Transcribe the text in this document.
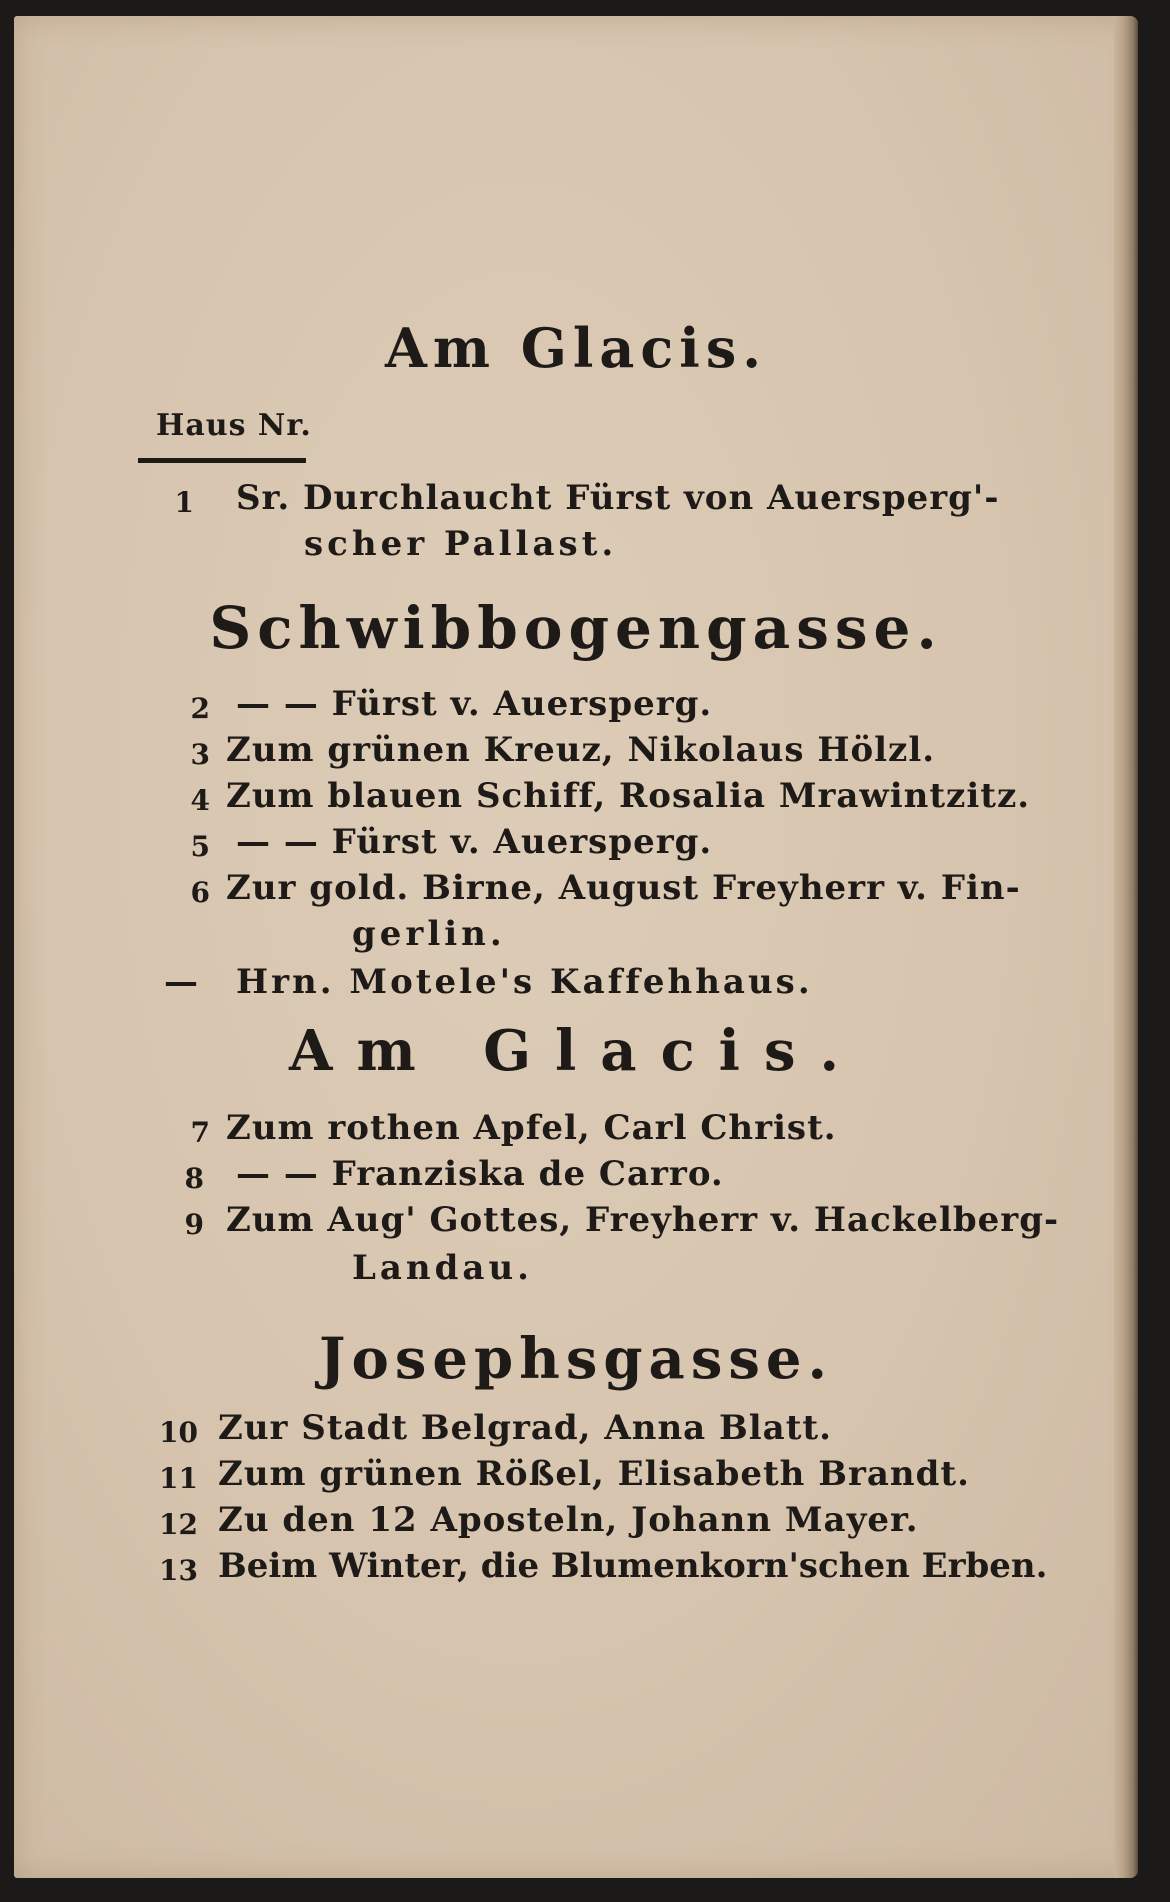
Am Glacis.
Haus Nr.
1 Sr. Durchlaucht Fürst von Auersperg'-
scher Pallast.
Schwibbogengasse.
2 — — Fürst v. Auersperg.
3 Zum grünen Kreuz, Nikolaus Hölzl.
4 Zum blauen Schiff, Rosalia Mrawintzitz.
5 — — Fürst v. Auersperg.
6 Zur gold. Birne, August Freyherr v. Fin-
gerlin.
— Hrn. Motele's Kaffehhaus.
Am Glacis.
7 Zum rothen Apfel, Carl Christ.
8 — — Franziska de Carro.
9 Zum Aug' Gottes, Freyherr v. Hackelberg-
Landau.
Josephsgasse.
10 Zur Stadt Belgrad, Anna Blatt.
11 Zum grünen Rößel, Elisabeth Brandt.
12 Zu den 12 Aposteln, Johann Mayer.
13 Beim Winter, die Blumenkorn'schen Erben.
